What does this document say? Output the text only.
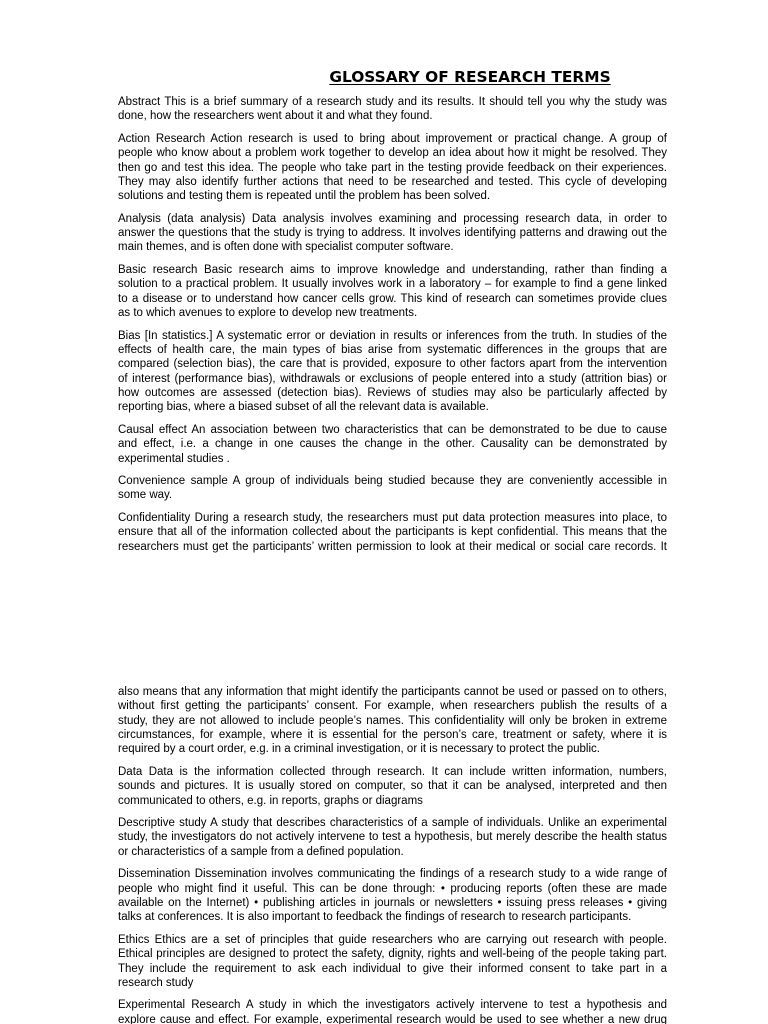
GLOSSARY OF RESEARCH TERMS
Abstract This is a brief summary of a research study and its results. It should tell you why the study was
done, how the researchers went about it and what they found.
Action Research Action research is used to bring about improvement or practical change. A group of
people who know about a problem work together to develop an idea about how it might be resolved. They
then go and test this idea. The people who take part in the testing provide feedback on their experiences.
They may also identify further actions that need to be researched and tested. This cycle of developing
solutions and testing them is repeated until the problem has been solved.
Analysis (data analysis) Data analysis involves examining and processing research data, in order to
answer the questions that the study is trying to address. It involves identifying patterns and drawing out the
main themes, and is often done with specialist computer software.
Basic research Basic research aims to improve knowledge and understanding, rather than finding a
solution to a practical problem. It usually involves work in a laboratory – for example to find a gene linked
to a disease or to understand how cancer cells grow. This kind of research can sometimes provide clues
as to which avenues to explore to develop new treatments.
Bias [In statistics.] A systematic error or deviation in results or inferences from the truth. In studies of the
effects of health care, the main types of bias arise from systematic differences in the groups that are
compared (selection bias), the care that is provided, exposure to other factors apart from the intervention
of interest (performance bias), withdrawals or exclusions of people entered into a study (attrition bias) or
how outcomes are assessed (detection bias). Reviews of studies may also be particularly affected by
reporting bias, where a biased subset of all the relevant data is available.
Causal effect An association between two characteristics that can be demonstrated to be due to cause
and effect, i.e. a change in one causes the change in the other. Causality can be demonstrated by
experimental studies .
Convenience sample A group of individuals being studied because they are conveniently accessible in
some way.
Confidentiality During a research study, the researchers must put data protection measures into place, to
ensure that all of the information collected about the participants is kept confidential. This means that the
researchers must get the participants’ written permission to look at their medical or social care records. It
also means that any information that might identify the participants cannot be used or passed on to others,
without first getting the participants’ consent. For example, when researchers publish the results of a
study, they are not allowed to include people’s names. This confidentiality will only be broken in extreme
circumstances, for example, where it is essential for the person’s care, treatment or safety, where it is
required by a court order, e.g. in a criminal investigation, or it is necessary to protect the public.
Data Data is the information collected through research. It can include written information, numbers,
sounds and pictures. It is usually stored on computer, so that it can be analysed, interpreted and then
communicated to others, e.g. in reports, graphs or diagrams
Descriptive study A study that describes characteristics of a sample of individuals. Unlike an experimental
study, the investigators do not actively intervene to test a hypothesis, but merely describe the health status
or characteristics of a sample from a defined population.
Dissemination Dissemination involves communicating the findings of a research study to a wide range of
people who might find it useful. This can be done through: • producing reports (often these are made
available on the Internet) • publishing articles in journals or newsletters • issuing press releases • giving
talks at conferences. It is also important to feedback the findings of research to research participants.
Ethics Ethics are a set of principles that guide researchers who are carrying out research with people.
Ethical principles are designed to protect the safety, dignity, rights and well-being of the people taking part.
They include the requirement to ask each individual to give their informed consent to take part in a
research study
Experimental Research A study in which the investigators actively intervene to test a hypothesis and
explore cause and effect. For example, experimental research would be used to see whether a new drug
